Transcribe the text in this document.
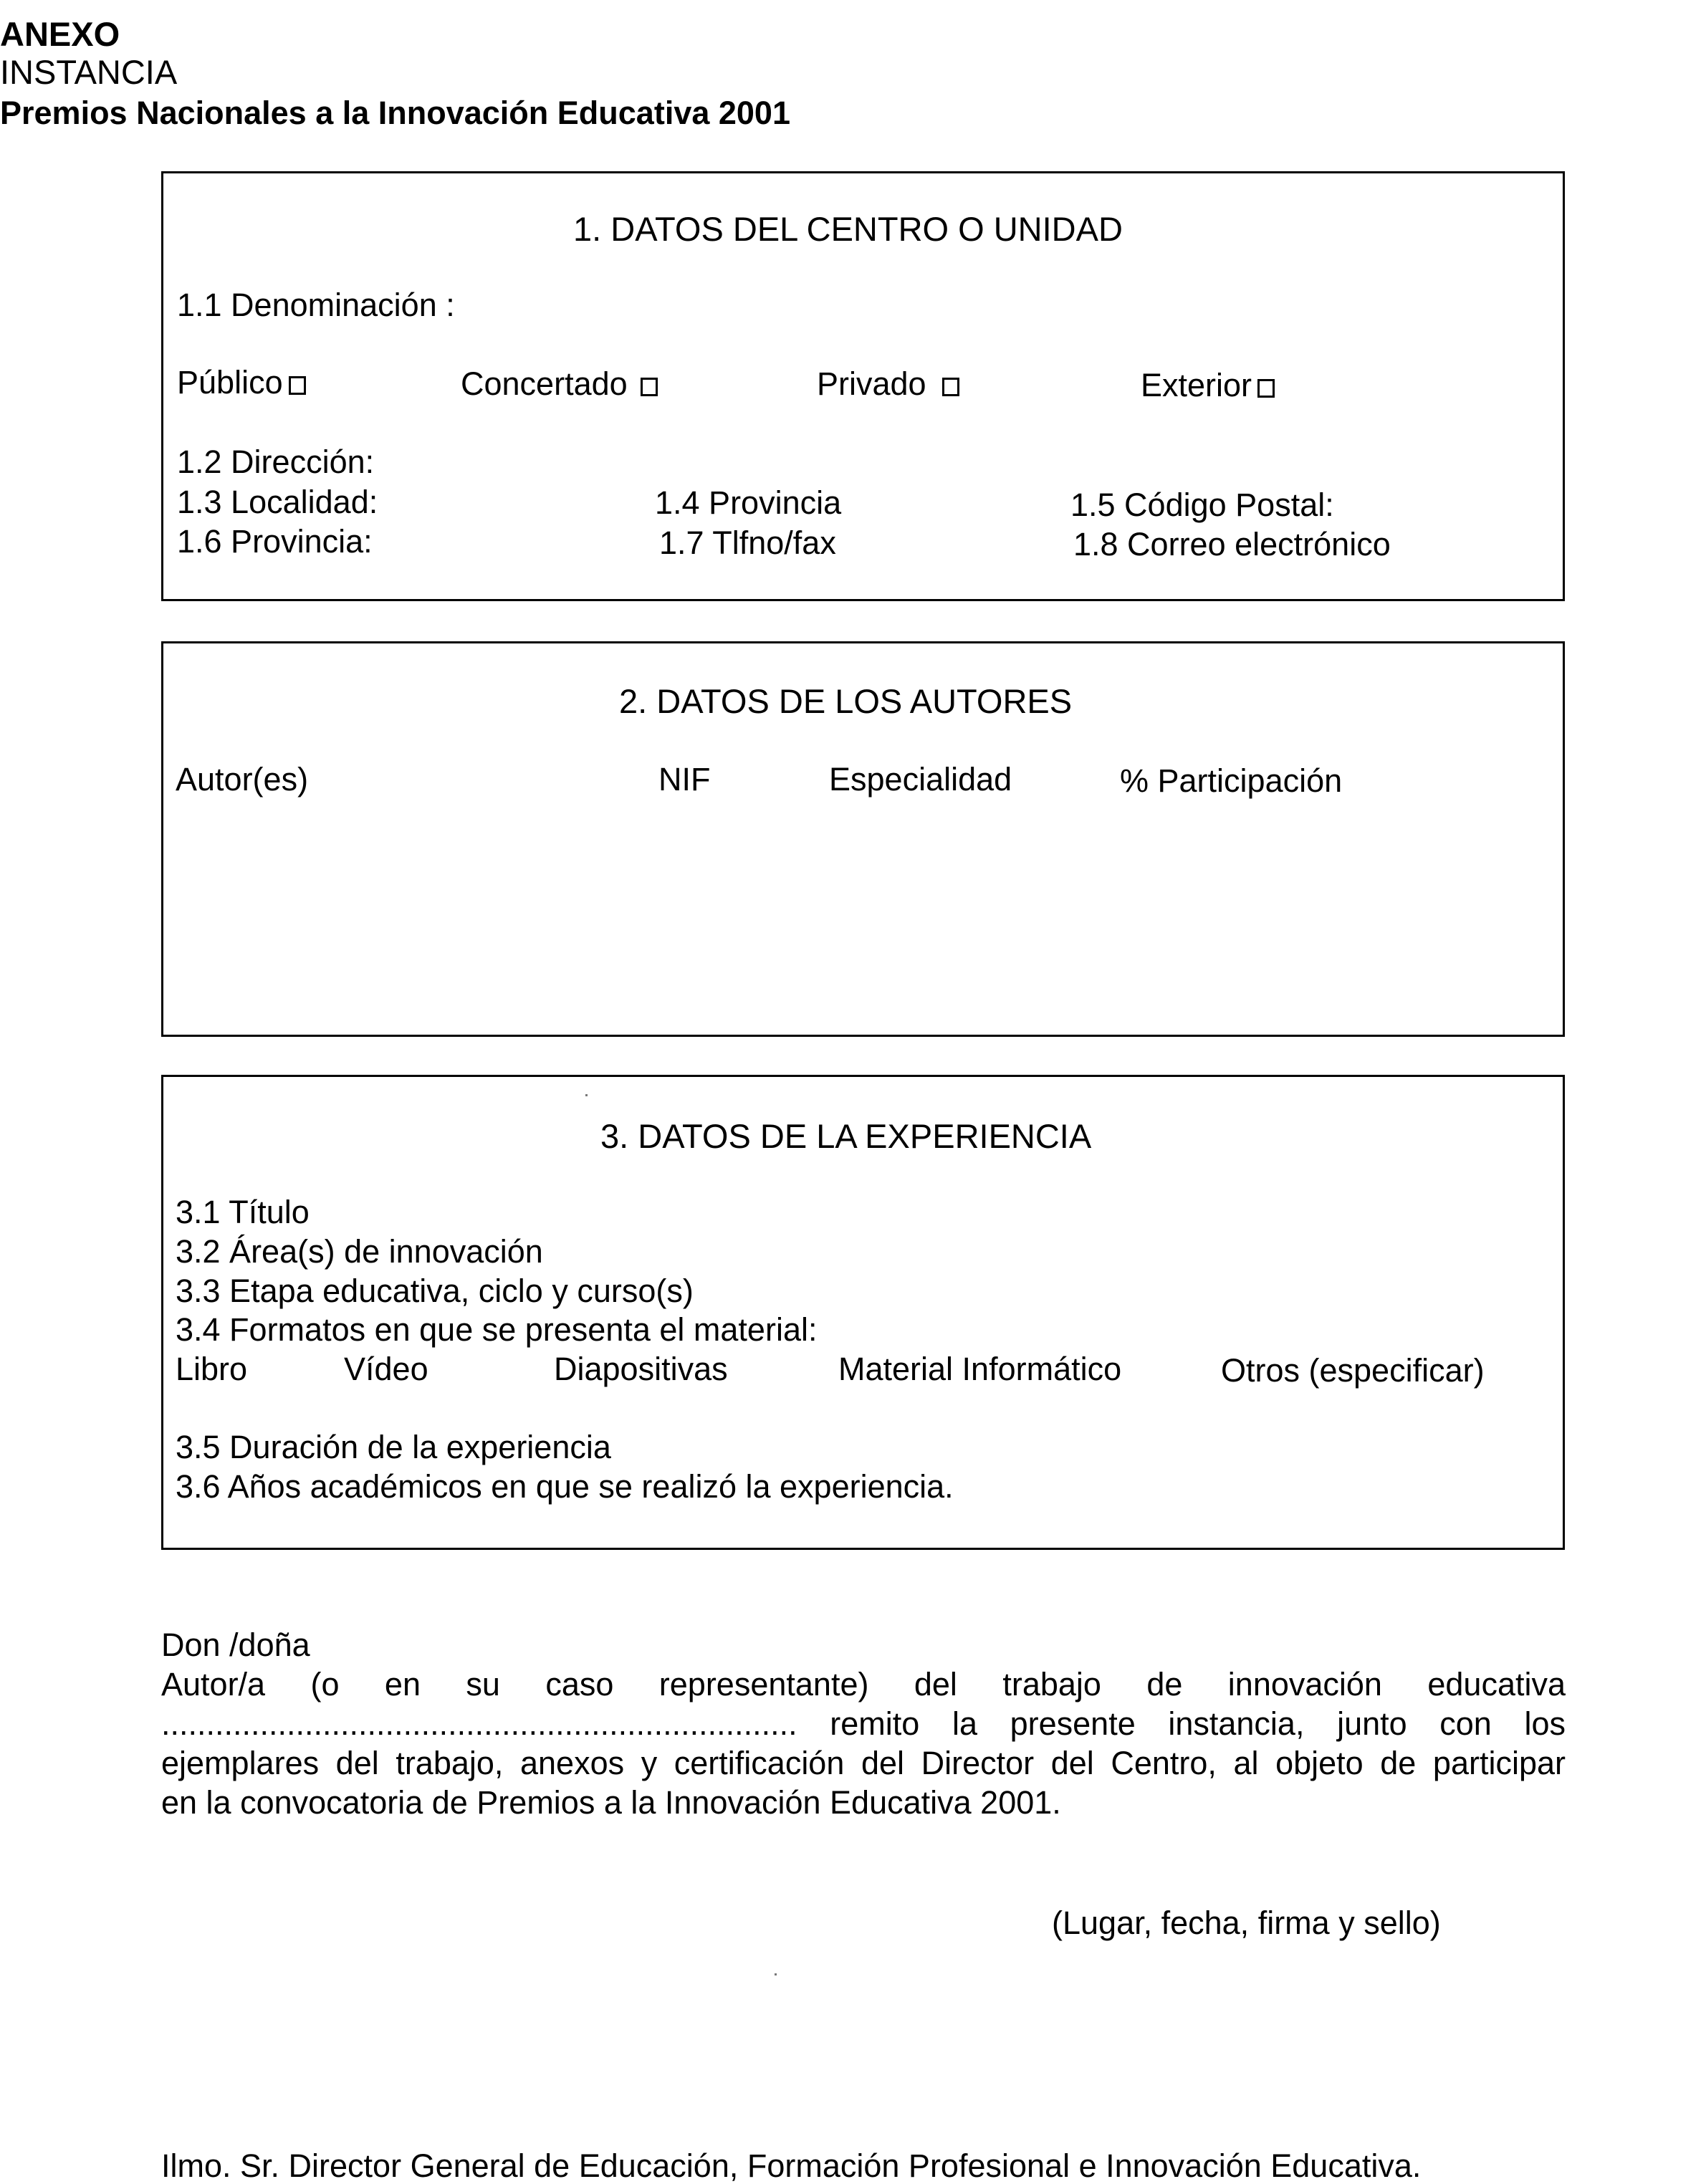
ANEXO
INSTANCIA
Premios Nacionales a la Innovación Educativa 2001
1. DATOS DEL CENTRO O UNIDAD
1.1 Denominación :
Público	Concertado	Privado	Exterior
1.2 Dirección:
1.3 Localidad:	1.4 Provincia	1.5 Código Postal:
1.6 Provincia:	1.7 Tlfno/fax	1.8 Correo electrónico
2. DATOS DE LOS AUTORES
Autor(es)	NIF	Especialidad	% Participación
3. DATOS DE LA EXPERIENCIA
3.1 Título
3.2 Área(s) de innovación
3.3 Etapa educativa, ciclo y curso(s)
3.4 Formatos en que se presenta el material:
Libro	Vídeo	Diapositivas	Material Informático	Otros (especificar)
3.5 Duración de la experiencia
3.6 Años académicos en que se realizó la experiencia.
Don /doña
Autor/a (o en su caso representante) del trabajo de innovación educativa
....................................................................... remito la presente instancia, junto con los
ejemplares del trabajo, anexos y certificación del Director del Centro, al objeto de participar
en la convocatoria de Premios a la Innovación Educativa 2001.
(Lugar, fecha, firma y sello)
Ilmo. Sr. Director General de Educación, Formación Profesional e Innovación Educativa.
